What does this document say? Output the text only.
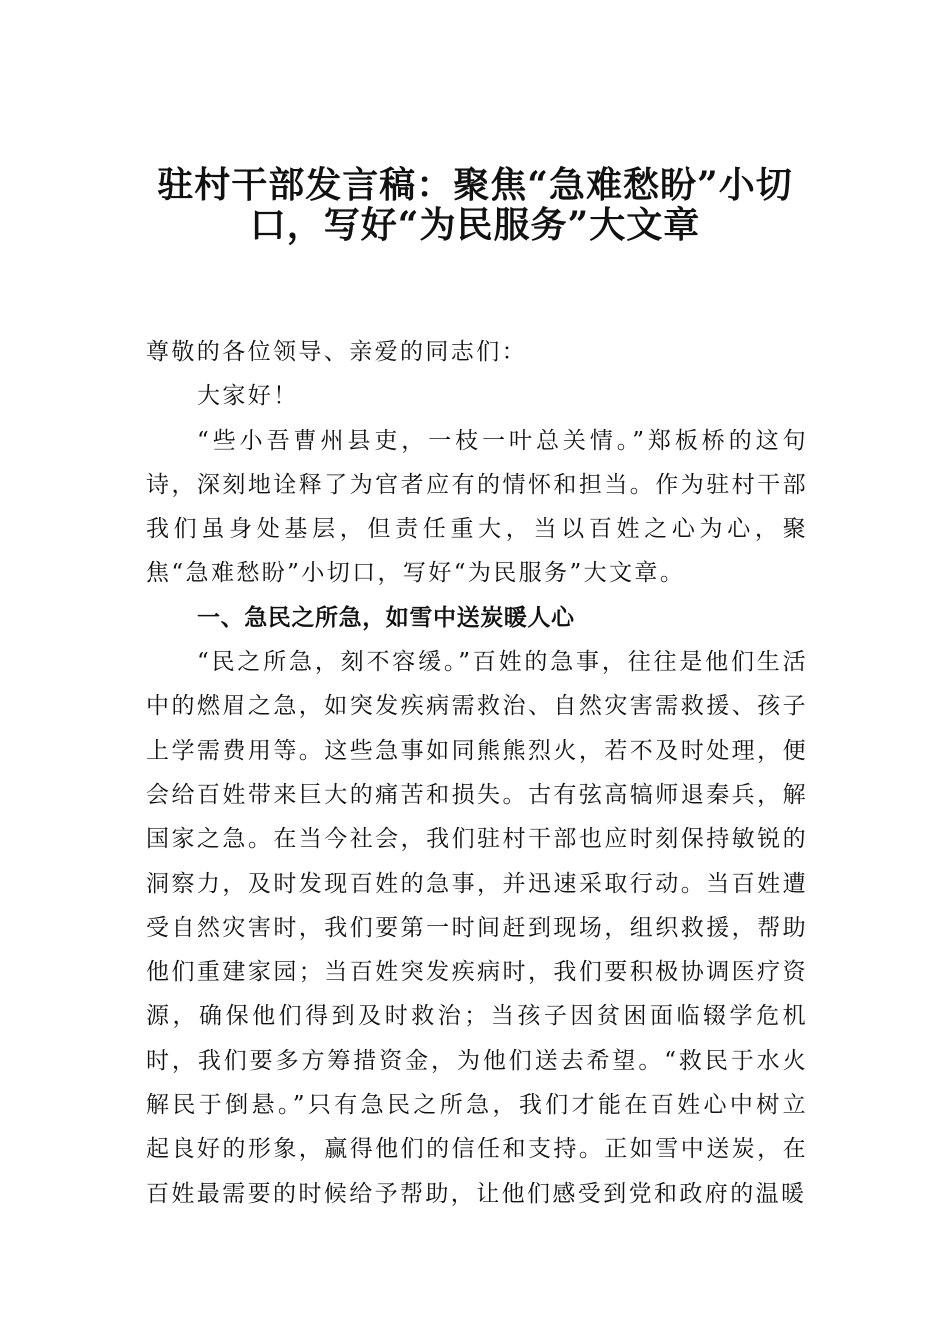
驻村干部发言稿：聚焦“急难愁盼”小切
口，写好“为民服务”大文章

尊敬的各位领导、亲爱的同志们：

大家好！

“些小吾曹州县吏，一枝一叶总关情。”郑板桥的这句诗，深刻地诠释了为官者应有的情怀和担当。作为驻村干部我们虽身处基层，但责任重大，当以百姓之心为心，聚焦“急难愁盼”小切口，写好“为民服务”大文章。

一、急民之所急，如雪中送炭暖人心

“民之所急，刻不容缓。”百姓的急事，往往是他们生活中的燃眉之急，如突发疾病需救治、自然灾害需救援、孩子上学需费用等。这些急事如同熊熊烈火，若不及时处理，便会给百姓带来巨大的痛苦和损失。古有弦高犒师退秦兵，解国家之急。在当今社会，我们驻村干部也应时刻保持敏锐的洞察力，及时发现百姓的急事，并迅速采取行动。当百姓遭受自然灾害时，我们要第一时间赶到现场，组织救援，帮助他们重建家园；当百姓突发疾病时，我们要积极协调医疗资源，确保他们得到及时救治；当孩子因贫困面临辍学危机时，我们要多方筹措资金，为他们送去希望。“救民于水火解民于倒悬。”只有急民之所急，我们才能在百姓心中树立起良好的形象，赢得他们的信任和支持。正如雪中送炭，在百姓最需要的时候给予帮助，让他们感受到党和政府的温暖
